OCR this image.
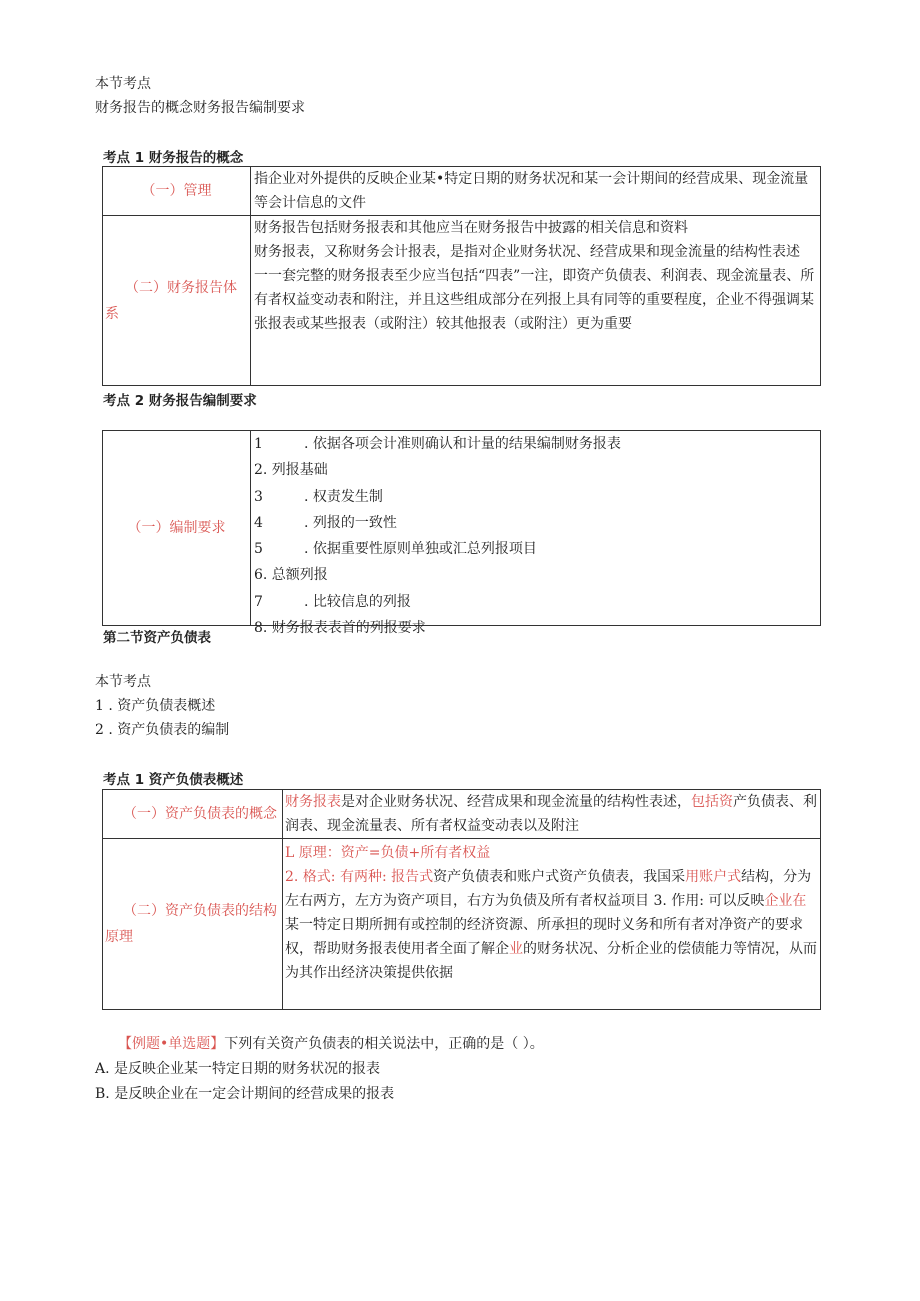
本节考点
财务报告的概念财务报告编制要求
考点 1 财务报告的概念
（一）管理	指企业对外提供的反映企业某•特定日期的财务状况和某一会计期间的经营成果、现金流量等会计信息的文件

（二）财务报告体系	财务报告包括财务报表和其他应当在财务报告中披露的相关信息和资料
财务报表，又称财务会计报表，是指对企业财务状况、经营成果和现金流量的结构性表述
一一套完整的财务报表至少应当包括“四表”一注，即资产负债表、利润表、现金流量表、所有者权益变动表和附注，并且这些组成部分在列报上具有同等的重要程度，企业不得强调某张报表或某些报表（或附注）较其他报表（或附注）更为重要
考点 2 财务报告编制要求
（一）编制要求

1	. 依据各项会计准则确认和计量的结果编制财务报表
2. 列报基础
3	. 权责发生制
4	. 列报的一致性
5	. 依据重要性原则单独或汇总列报项目
6. 总额列报
7	. 比较信息的列报
8. 财务报表表首的列报要求
第二节资产负债表
本节考点
1 . 资产负债表概述
2 . 资产负债表的编制
考点 1 资产负债表概述
（一）资产负债表的概念	财务报表是对企业财务状况、经营成果和现金流量的结构性表述，包括资产负债表、利润表、现金流量表、所有者权益变动表以及附注

（二）资产负债表的结构原理	L 原理：资产=负债+所有者权益
2. 格式: 有两种: 报告式资产负债表和账户式资产负债表，我国采用账户式结构，分为左右两方，左方为资产项目，右方为负债及所有者权益项目 3. 作用: 可以反映企业在某一特定日期所拥有或控制的经济资源、所承担的现时义务和所有者对净资产的要求权，帮助财务报表使用者全面了解企业的财务状况、分析企业的偿债能力等情况，从而为其作出经济决策提供依据
【例题•单选题】下列有关资产负债表的相关说法中，正确的是（ ）。
A. 是反映企业某一特定日期的财务状况的报表
B. 是反映企业在一定会计期间的经营成果的报表
